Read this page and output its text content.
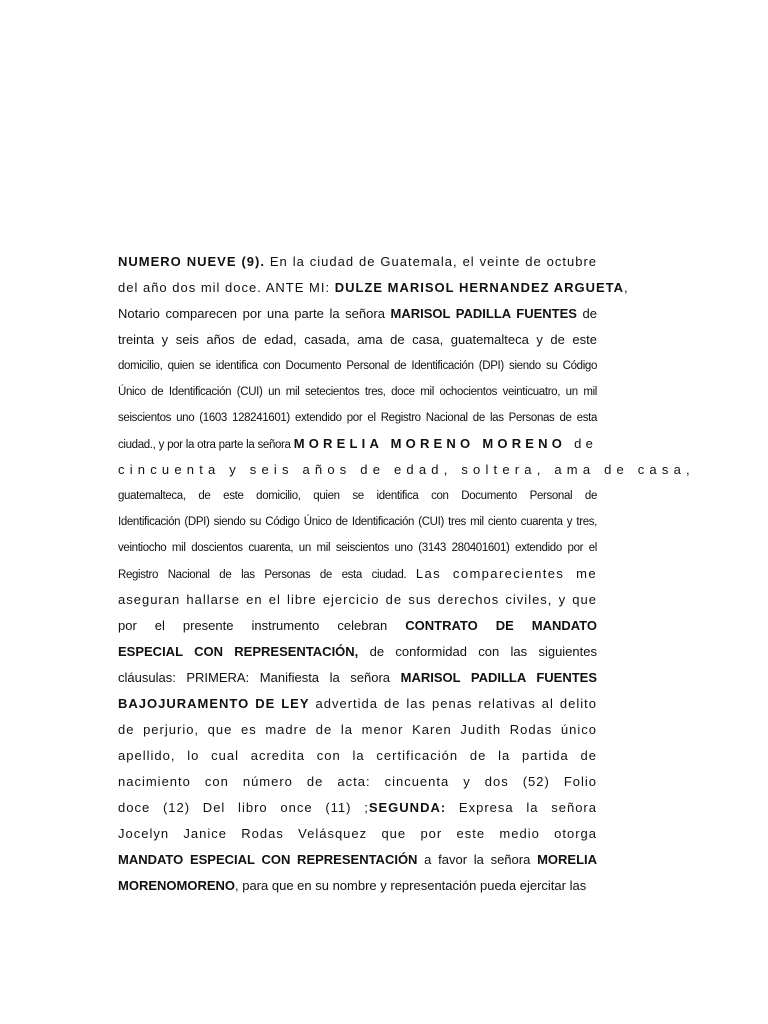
NUMERO NUEVE (9). En la ciudad de Guatemala, el veinte de octubre
del año dos mil doce. ANTE MI: DULZE MARISOL HERNANDEZ ARGUETA,
Notario comparecen por una parte la señora MARISOL PADILLA FUENTES de
treinta y seis años de edad, casada, ama de casa, guatemalteca y de este
domicilio, quien se identifica con Documento Personal de Identificación (DPI) siendo su Código
Único de Identificación (CUI) un mil setecientos tres, doce mil ochocientos veinticuatro, un mil
seiscientos uno (1603 128241601) extendido por el Registro Nacional de las Personas de esta
ciudad., y por la otra parte la señora MORELIA MORENO MORENO de
cincuenta y seis años de edad, soltera, ama de casa,
guatemalteca, de este domicilio, quien se identifica con Documento Personal de
Identificación (DPI) siendo su Código Único de Identificación (CUI) tres mil ciento cuarenta y tres,
veintiocho mil doscientos cuarenta, un mil seiscientos uno (3143 280401601) extendido por el
Registro Nacional de las Personas de esta ciudad. Las comparecientes me
aseguran hallarse en el libre ejercicio de sus derechos civiles, y que
por el presente instrumento celebran CONTRATO DE MANDATO
ESPECIAL CON REPRESENTACIÓN, de conformidad con las siguientes
cláusulas: PRIMERA: Manifiesta la señora MARISOL PADILLA FUENTES
BAJOJURAMENTO DE LEY advertida de las penas relativas al delito
de perjurio, que es madre de la menor Karen Judith Rodas único
apellido, lo cual acredita con la certificación de la partida de
nacimiento con número de acta: cincuenta y dos (52) Folio
doce (12) Del libro once (11) ;SEGUNDA: Expresa la señora
Jocelyn Janice Rodas Velásquez que por este medio otorga
MANDATO ESPECIAL CON REPRESENTACIÓN a favor la señora MORELIA
MORENOMORENO, para que en su nombre y representación pueda ejercitar las
